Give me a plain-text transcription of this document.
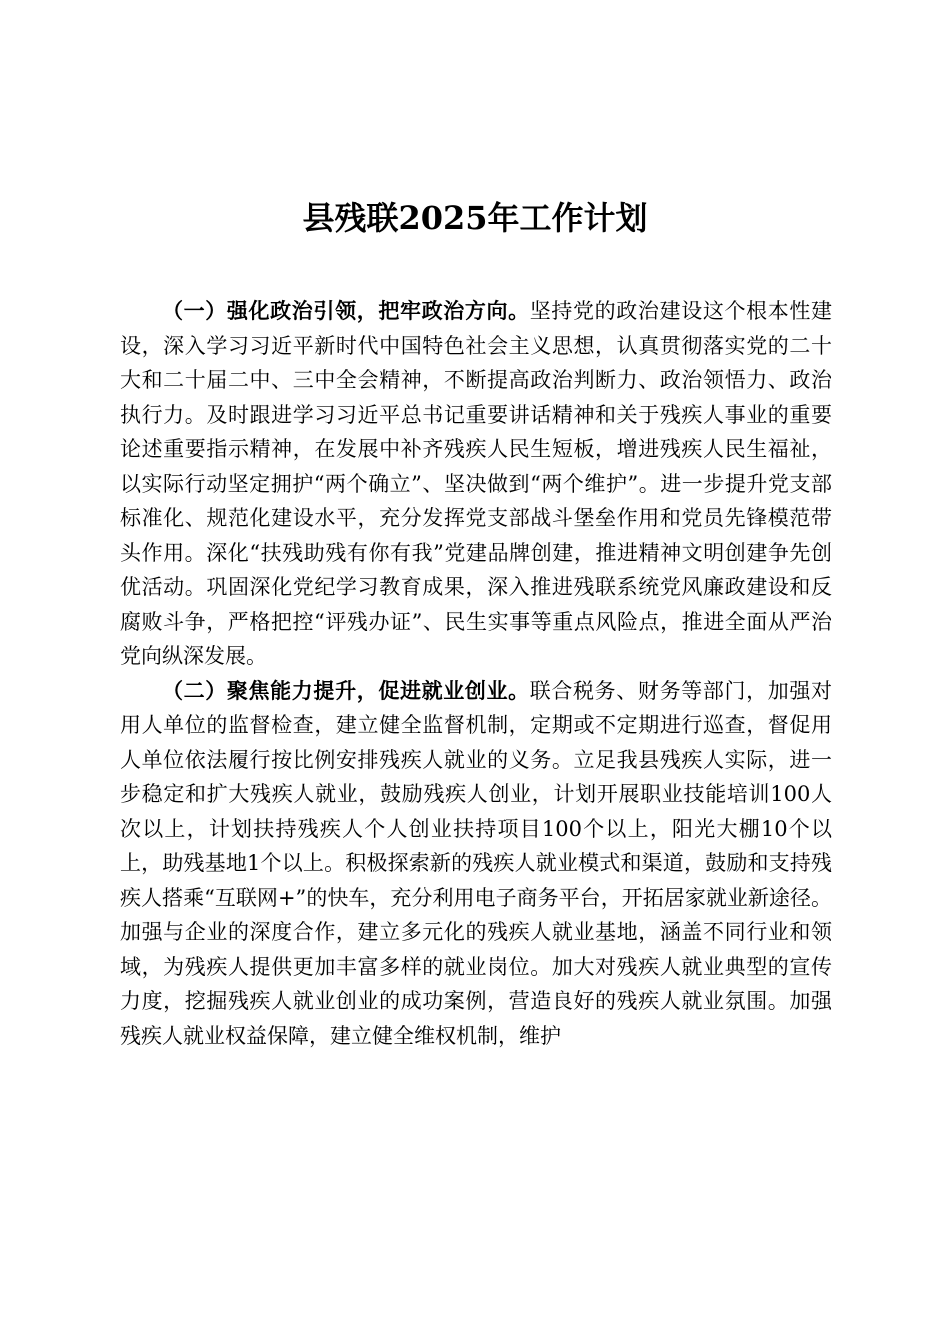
县残联2025年工作计划

（一）强化政治引领，把牢政治方向。坚持党的政治建设这个根本性建设，深入学习习近平新时代中国特色社会主义思想，认真贯彻落实党的二十大和二十届二中、三中全会精神，不断提高政治判断力、政治领悟力、政治执行力。及时跟进学习习近平总书记重要讲话精神和关于残疾人事业的重要论述重要指示精神，在发展中补齐残疾人民生短板，增进残疾人民生福祉，以实际行动坚定拥护“两个确立”、坚决做到“两个维护”。进一步提升党支部标准化、规范化建设水平，充分发挥党支部战斗堡垒作用和党员先锋模范带头作用。深化“扶残助残有你有我”党建品牌创建，推进精神文明创建争先创优活动。巩固深化党纪学习教育成果，深入推进残联系统党风廉政建设和反腐败斗争，严格把控“评残办证”、民生实事等重点风险点，推进全面从严治党向纵深发展。

（二）聚焦能力提升，促进就业创业。联合税务、财务等部门，加强对用人单位的监督检查，建立健全监督机制，定期或不定期进行巡查，督促用人单位依法履行按比例安排残疾人就业的义务。立足我县残疾人实际，进一步稳定和扩大残疾人就业，鼓励残疾人创业，计划开展职业技能培训100人次以上，计划扶持残疾人个人创业扶持项目100个以上，阳光大棚10个以上，助残基地1个以上。积极探索新的残疾人就业模式和渠道，鼓励和支持残疾人搭乘“互联网+”的快车，充分利用电子商务平台，开拓居家就业新途径。加强与企业的深度合作，建立多元化的残疾人就业基地，涵盖不同行业和领域，为残疾人提供更加丰富多样的就业岗位。加大对残疾人就业典型的宣传力度，挖掘残疾人就业创业的成功案例，营造良好的残疾人就业氛围。加强残疾人就业权益保障，建立健全维权机制，维护
